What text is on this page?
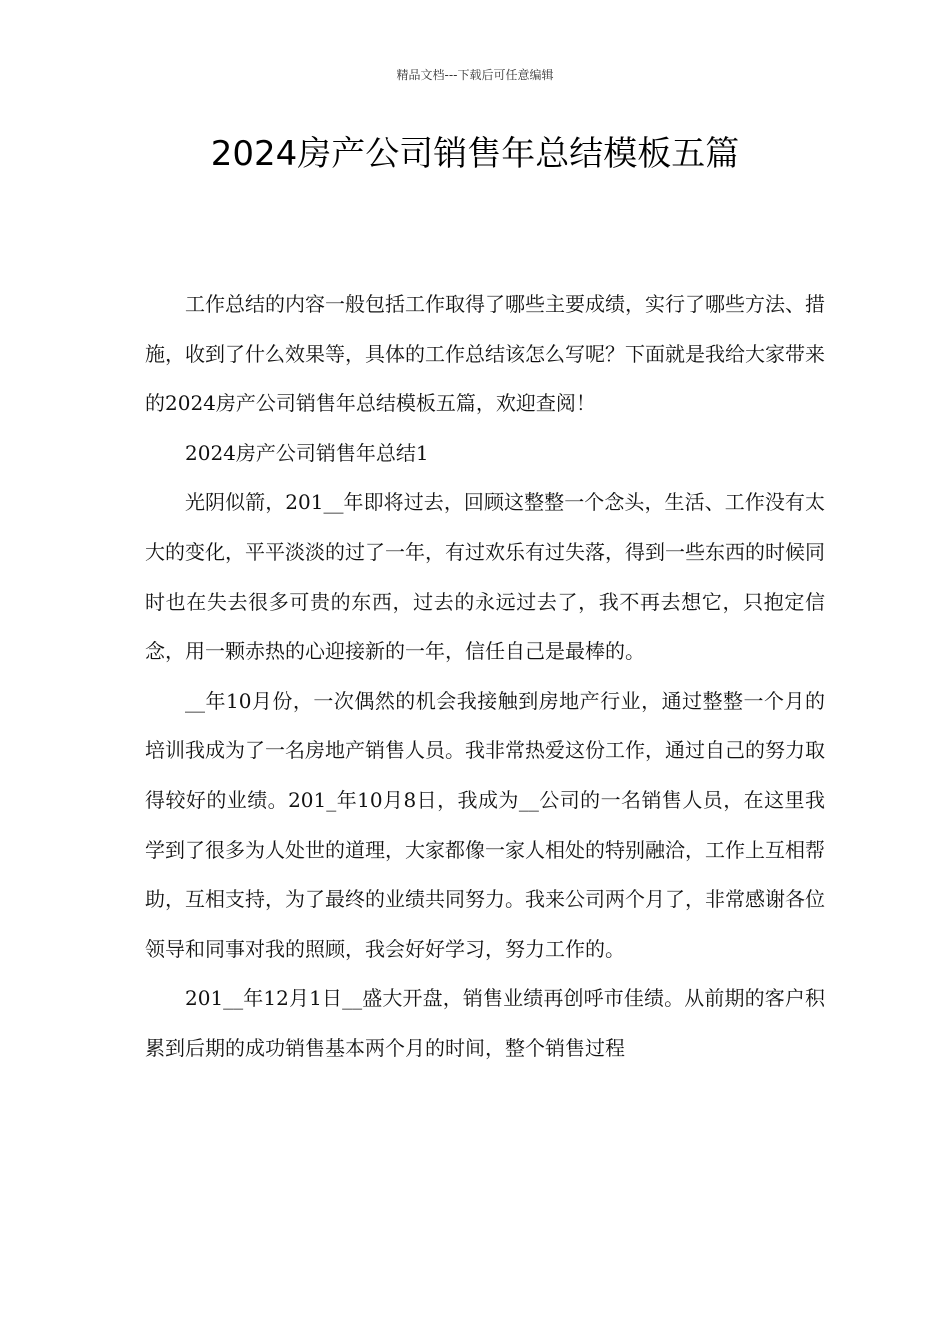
精品文档---下载后可任意编辑
2024房产公司销售年总结模板五篇

工作总结的内容一般包括工作取得了哪些主要成绩，实行了哪些方法、措施，收到了什么效果等，具体的工作总结该怎么写呢？下面就是我给大家带来的2024房产公司销售年总结模板五篇，欢迎查阅！

2024房产公司销售年总结1

光阴似箭，201__年即将过去，回顾这整整一个念头，生活、工作没有太大的变化，平平淡淡的过了一年，有过欢乐有过失落，得到一些东西的时候同时也在失去很多可贵的东西，过去的永远过去了，我不再去想它，只抱定信念，用一颗赤热的心迎接新的一年，信任自己是最棒的。

__年10月份，一次偶然的机会我接触到房地产行业，通过整整一个月的培训我成为了一名房地产销售人员。我非常热爱这份工作，通过自己的努力取得较好的业绩。201_年10月8日，我成为__公司的一名销售人员，在这里我学到了很多为人处世的道理，大家都像一家人相处的特别融洽，工作上互相帮助，互相支持，为了最终的业绩共同努力。我来公司两个月了，非常感谢各位领导和同事对我的照顾，我会好好学习，努力工作的。

201__年12月1日__盛大开盘，销售业绩再创呼市佳绩。从前期的客户积累到后期的成功销售基本两个月的时间，整个销售过程
